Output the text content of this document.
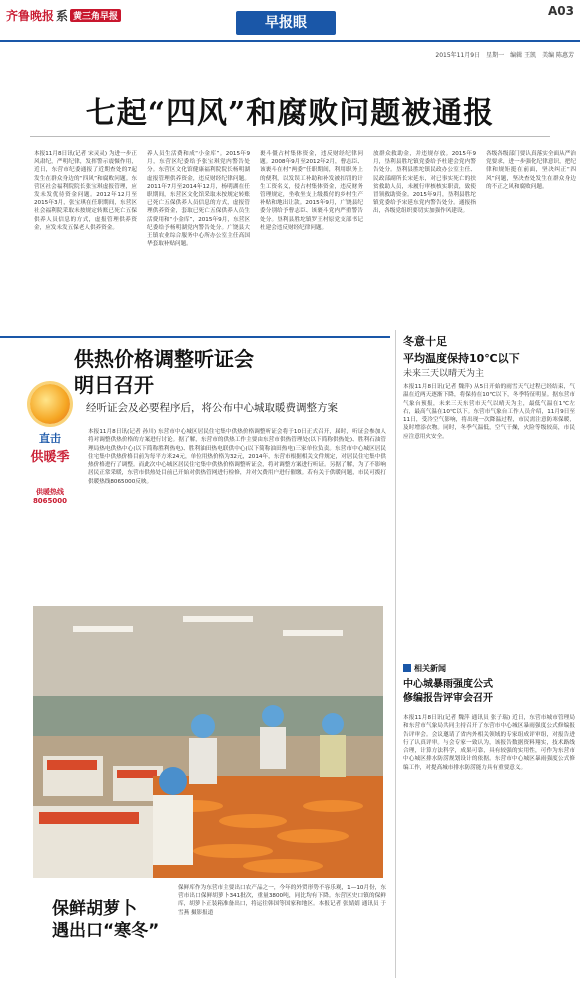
齐鲁晚报 系 黄三角早报	早报眼
A03
2015年11月9日 星期一 编辑 王凯 美编 陈惠芳
七起“四风”和腐败问题被通报
本报11月8日讯(记者 宋灵灵) 为进一步正风肃纪，严明纪律，发挥警示震慑作用，近日，东营市纪委通报了近期查处的7起发生在群众身边的“四风”和腐败问题。东营区社会福利院院长张宝琪虚报管理，应发未发优待资金问题。2012年12月至2015年3月，张宝琪在任职期间，东营区社会福利院采取未按规定转账已死亡五保供养人员信息的方式，虚报管理供养资金，应发未发五保老人供养资金。
养人员生活费和成“小金库”。2015年9月，东营区纪委给予张宝琪党内警告处分。东营区文化馆健康福利院院长杨明湖虚报管理供养资金，违反财经纪律问题。2011年7月至2014年12月，杨明湖在任职期间，东营区文化馆采取未按规定转账已死亡五保供养人员信息的方式，虚报管理供养资金，套取已死亡五保供养人员生活费用和“小金库”，2015年9月，东营区纪委给予杨明湖党内警告处分。广饶县大王镇农业综合服务中心所办公室主任高国华套取补贴问题。
裹斗僵占村集体资金，违反财经纪律问题。2008年9月至2012年2月，曹志臣、该裹斗在村“两委”任职期间，利用职务上的便利，以发误工补助和补发被扣罚的计生工资名义，侵占村集体资金，违反财务管理规定，坐收坐支上级拨付的乡村生产补贴和地出让款。2015年9月，广饶县纪委分别给予曹志臣、该裹斗党内严重警告处分。垦利县胜坨镇罗王村原党支部书记杜建会违反财经纪律问题。
放群众救助金，并违规存放。2015年9月，垦利县胜坨镇党委给予杜建会党内警告处分。垦利县胜坨镇民政办公室主任、民政部副所长宋延东，对已事实死亡的扶贫救助人员，未履行审核核实职责，致使冒领救助资金。2015年9月，垦利县胜坨镇党委给予宋延东党内警告处分。通报指出，各级党组织要切实加强作风建设。
各级各级部门要认真落实全面从严治党要求，进一步强化纪律意识，把纪律和规矩挺在前面，坚决纠正“四风”问题，坚决查处发生在群众身边的不正之风和腐败问题。
直击
供暖季
供暖热线
8065000
供热价格调整听证会
明日召开
经听证会及必要程序后，将公布中心城取暖费调整方案
本报11月8日讯(记者 孙川) 东营市中心城区居民住宅集中供热价格调整听证会将于10日正式召开，届时，听证会参加人将对调整供热价格的方案进行讨论。据了解，东营市的供热工作主要由东营市供热管理处(以下简称供热处)、胜利石油管理局热电供热中心(以下简称胜利热电)、胜利油田热电联供中心(以下简称油田热电)三家单位负责。东营市中心城区居民住宅集中供热价格目前为每平方米24元，单位用热价格为32元，2014年，东营市根据相关文件规定，对居民住宅集中供热价格进行了调整。而此次中心城区居民住宅集中供热价格调整听证会，将对调整方案进行听证。另据了解，为了不影响居民正常采暖，东营市供热处目前已开始对供热管网进行检修，并对欠费用户进行催缴。若有关于供暖问题，市民可拨打供暖热线8065000反映。
保鲜库作为东营市主要出口农产品之一，今年的外贸形势不容乐观，1—10月份，东营市出口保鲜胡萝卜341批次，重量3800吨，同比均有下降。东营区史口镇的保鲜库，胡萝卜正装箱准备出口，将运往韩国等国家和地区。本报记者 张婧婧 通讯员 于雪燕 摄影报道
保鲜胡萝卜
遇出口“寒冬”
冬意十足
平均温度保持10℃以下
未来三天以晴天为主
本报11月8日讯(记者 魏萍) 从5日开始的雨雪天气过程已经结束，气温在近两天逐渐下降，将保持在10℃以下，冬季特征明显。据东营市气象台预报，未来三天东营市天气以晴天为主，最低气温在1℃左右，最高气温在10℃以下。东营市气象台工作人员介绍，11月9日至11日，受冷空气影响，将出现一次降温过程，市民需注意防寒保暖，及时增添衣物。同时，冬季气温低，空气干燥，火险等级较高，市民应注意用火安全。
相关新闻
中心城暴雨强度公式
修编报告评审会召开
本报11月8日讯(记者 魏萍 通讯员 张子瑞) 近日，东营市城市管理局和东营市气象局共同主持召开了东营市中心城区暴雨强度公式修编报告评审会。会议邀请了省内外相关领域的专家组成评审组，对报告进行了认真评审。与会专家一致认为，该报告数据资料翔实，技术路线合理，计算方法科学，成果可靠，具有较强的实用性，可作为东营市中心城区排水防涝规划设计的依据。东营市中心城区暴雨强度公式修编工作，对提高城市排水防涝能力具有重要意义。
